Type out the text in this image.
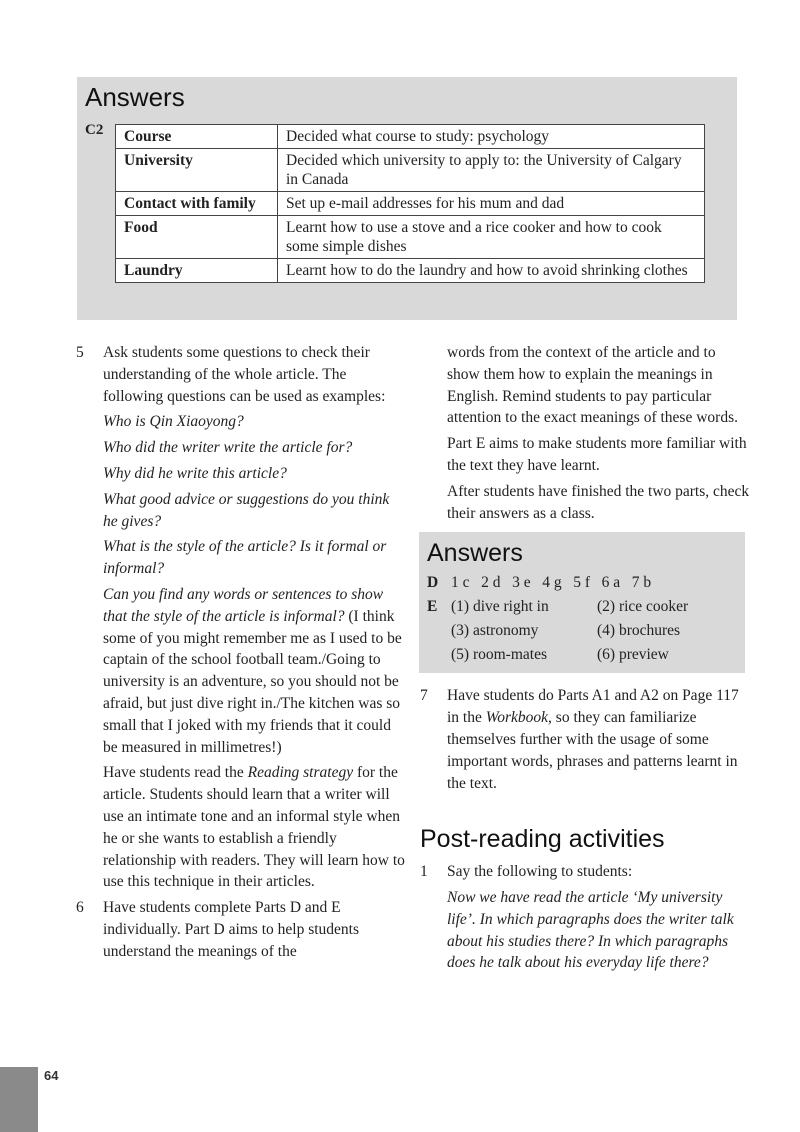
Answers
C2 Course	Decided what course to study: psychology
University	Decided which university to apply to: the University of Calgary in Canada
Contact with family	Set up e-mail addresses for his mum and dad
Food	Learnt how to use a stove and a rice cooker and how to cook some simple dishes
Laundry	Learnt how to do the laundry and how to avoid shrinking clothes
5 Ask students some questions to check their understanding of the whole article. The following questions can be used as examples:

Who is Qin Xiaoyong?

Who did the writer write the article for?

Why did he write this article?

What good advice or suggestions do you think he gives?

What is the style of the article? Is it formal or informal?

Can you find any words or sentences to show that the style of the article is informal? (I think some of you might remember me as I used to be captain of the school football team./Going to university is an adventure, so you should not be afraid, but just dive right in./The kitchen was so small that I joked with my friends that it could be measured in millimetres!)

Have students read the Reading strategy for the article. Students should learn that a writer will use an intimate tone and an informal style when he or she wants to establish a friendly relationship with readers. They will learn how to use this technique in their articles.

6 Have students complete Parts D and E individually. Part D aims to help students understand the meanings of the

words from the context of the article and to show them how to explain the meanings in English. Remind students to pay particular attention to the exact meanings of these words.

Part E aims to make students more familiar with the text they have learnt.

After students have finished the two parts, check their answers as a class.

Answers
D 1 c   2 d   3 e   4 g   5 f   6 a   7 b
E (1) dive right in	(2) rice cooker
(3) astronomy	(4) brochures
(5) room-mates	(6) preview
7 Have students do Parts A1 and A2 on Page 117 in the Workbook, so they can familiarize themselves further with the usage of some important words, phrases and patterns learnt in the text.

Post-reading activities
1 Say the following to students:

Now we have read the article ‘My university life’. In which paragraphs does the writer talk about his studies there? In which paragraphs does he talk about his everyday life there?

64
